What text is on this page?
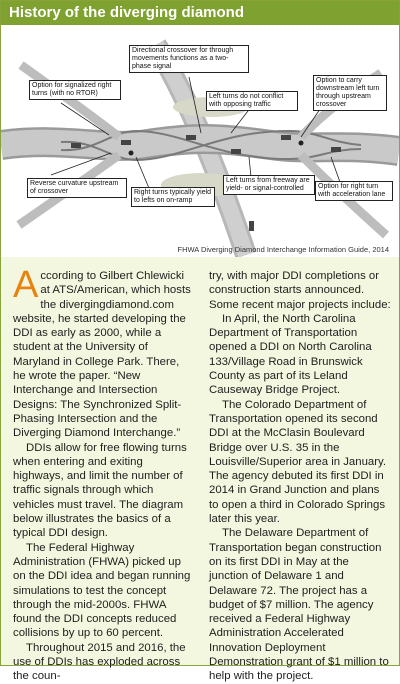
History of the diverging diamond
Directional crossover for through movements functions as a two-phase signal
Option for signalized right turns (with no RTOR)	Left turns do not conflict with opposing traffic
Option to carry downstream left turn through upstream crossover
Reverse curvature upstream of crossover	Right turns typically yield to lefts on on-ramp
Left turns from freeway are yield- or signal-controlled	Option for right turn with acceleration lane
FHWA Diverging Diamond Interchange Information Guide, 2014

According to Gilbert Chlewicki at ATS/American, which hosts the divergingdiamond.com website, he started developing the DDI as early as 2000, while a student at the University of Maryland in College Park. There, he wrote the paper. “New Interchange and Intersection Designs: The Synchronized Split-Phasing Intersection and the Diverging Diamond Interchange.”

DDIs allow for free flowing turns when entering and exiting highways, and limit the number of traffic signals through which vehicles must travel. The diagram below illustrates the basics of a typical DDI design.

The Federal Highway Administration (FHWA) picked up on the DDI idea and began running simulations to test the concept through the mid-2000s. FHWA found the DDI concepts reduced collisions by up to 60 percent.

Throughout 2015 and 2016, the use of DDIs has exploded across the coun-

try, with major DDI completions or construction starts announced. Some recent major projects include:

In April, the North Carolina Department of Transportation opened a DDI on North Carolina 133/Village Road in Brunswick County as part of its Leland Causeway Bridge Project.

The Colorado Department of Transportation opened its second DDI at the McClasin Boulevard Bridge over U.S. 35 in the Louisville/Superior area in January. The agency debuted its first DDI in 2014 in Grand Junction and plans to open a third in Colorado Springs later this year.

The Delaware Department of Transportation began construction on its first DDI in May at the junction of Delaware 1 and Delaware 72. The project has a budget of $7 million. The agency received a Federal Highway Administration Accelerated Innovation Deployment Demonstration grant of $1 million to help with the project.
